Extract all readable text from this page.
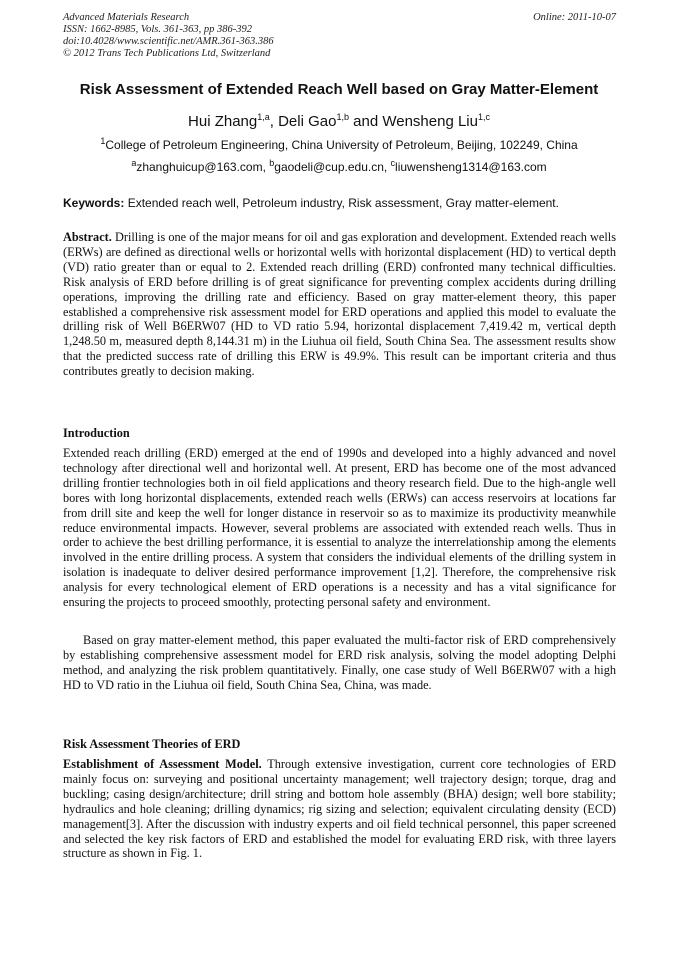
Advanced Materials Research
ISSN: 1662-8985, Vols. 361-363, pp 386-392
doi:10.4028/www.scientific.net/AMR.361-363.386
© 2012 Trans Tech Publications Ltd, Switzerland
Online: 2011-10-07
Risk Assessment of Extended Reach Well based on Gray Matter-Element
Hui Zhang$^{1,a}$, Deli Gao$^{1,b}$ and Wensheng Liu$^{1,c}$
$^1$College of Petroleum Engineering, China University of Petroleum, Beijing, 102249, China
$^a$zhanghuicup@163.com, $^b$gaodeli@cup.edu.cn, $^c$liuwensheng1314@163.com
Keywords: Extended reach well, Petroleum industry, Risk assessment, Gray matter-element.
Abstract. Drilling is one of the major means for oil and gas exploration and development. Extended reach wells (ERWs) are defined as directional wells or horizontal wells with horizontal displacement (HD) to vertical depth (VD) ratio greater than or equal to 2. Extended reach drilling (ERD) confronted many technical difficulties. Risk analysis of ERD before drilling is of great significance for preventing complex accidents during drilling operations, improving the drilling rate and efficiency. Based on gray matter-element theory, this paper established a comprehensive risk assessment model for ERD operations and applied this model to evaluate the drilling risk of Well B6ERW07 (HD to VD ratio 5.94, horizontal displacement 7,419.42 m, vertical depth 1,248.50 m, measured depth 8,144.31 m) in the Liuhua oil field, South China Sea. The assessment results show that the predicted success rate of drilling this ERW is 49.9%. This result can be important criteria and thus contributes greatly to decision making.
Introduction
Extended reach drilling (ERD) emerged at the end of 1990s and developed into a highly advanced and novel technology after directional well and horizontal well. At present, ERD has become one of the most advanced drilling frontier technologies both in oil field applications and theory research field. Due to the high-angle well bores with long horizontal displacements, extended reach wells (ERWs) can access reservoirs at locations far from drill site and keep the well for longer distance in reservoir so as to maximize its productivity meanwhile reduce environmental impacts. However, several problems are associated with extended reach wells. Thus in order to achieve the best drilling performance, it is essential to analyze the interrelationship among the elements involved in the entire drilling process. A system that considers the individual elements of the drilling system in isolation is inadequate to deliver desired performance improvement [1,2]. Therefore, the comprehensive risk analysis for every technological element of ERD operations is a necessity and has a vital significance for ensuring the projects to proceed smoothly, protecting personal safety and environment.
Based on gray matter-element method, this paper evaluated the multi-factor risk of ERD comprehensively by establishing comprehensive assessment model for ERD risk analysis, solving the model adopting Delphi method, and analyzing the risk problem quantitatively. Finally, one case study of Well B6ERW07 with a high HD to VD ratio in the Liuhua oil field, South China Sea, China, was made.
Risk Assessment Theories of ERD
Establishment of Assessment Model. Through extensive investigation, current core technologies of ERD mainly focus on: surveying and positional uncertainty management; well trajectory design; torque, drag and buckling; casing design/architecture; drill string and bottom hole assembly (BHA) design; well bore stability; hydraulics and hole cleaning; drilling dynamics; rig sizing and selection; equivalent circulating density (ECD) management[3]. After the discussion with industry experts and oil field technical personnel, this paper screened and selected the key risk factors of ERD and established the model for evaluating ERD risk, with three layers structure as shown in Fig. 1.
